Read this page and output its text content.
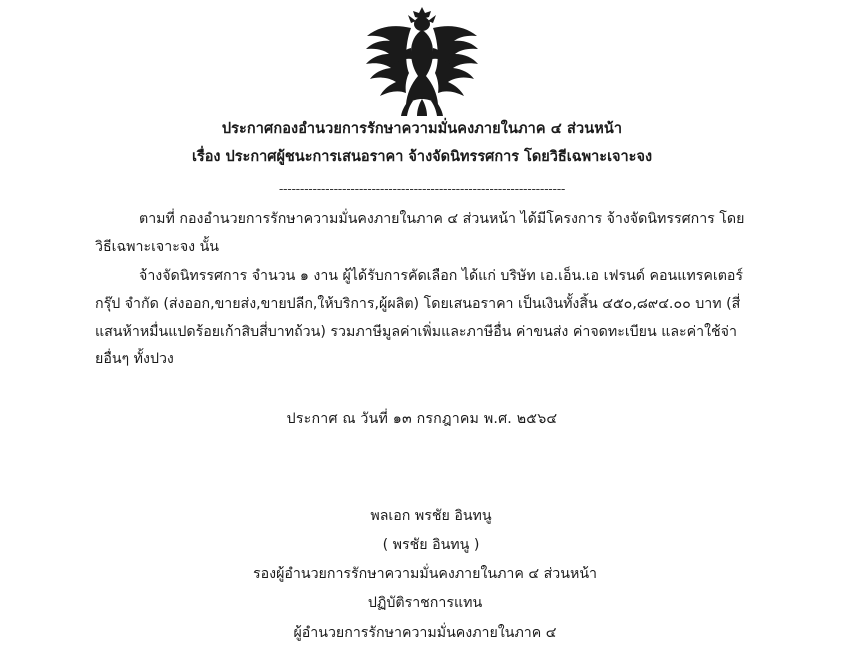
ประกาศกองอำนวยการรักษาความมั่นคงภายในภาค ๔ ส่วนหน้า
เรื่อง ประกาศผู้ชนะการเสนอราคา จ้างจัดนิทรรศการ โดยวิธีเฉพาะเจาะจง
--------------------------------------------------------------------

ตามที่ กองอำนวยการรักษาความมั่นคงภายในภาค ๔ ส่วนหน้า ได้มีโครงการ จ้างจัดนิทรรศการ โดยวิธีเฉพาะเจาะจง นั้น

จ้างจัดนิทรรศการ จำนวน ๑ งาน ผู้ได้รับการคัดเลือก ได้แก่ บริษัท เอ.เอ็น.เอ เฟรนด์ คอนแทรคเตอร์ กรุ๊ป จำกัด (ส่งออก,ขายส่ง,ขายปลีก,ให้บริการ,ผู้ผลิต) โดยเสนอราคา เป็นเงินทั้งสิ้น ๔๕๐,๘๙๔.๐๐ บาท (สี่แสนห้าหมื่นแปดร้อยเก้าสิบสี่บาทถ้วน) รวมภาษีมูลค่าเพิ่มและภาษีอื่น ค่าขนส่ง ค่าจดทะเบียน และค่าใช้จ่ายอื่นๆ ทั้งปวง

ประกาศ ณ วันที่ ๑๓ กรกฎาคม พ.ศ. ๒๕๖๔
พลเอก พรชัย อินทนู
( พรชัย อินทนู )
รองผู้อำนวยการรักษาความมั่นคงภายในภาค ๔ ส่วนหน้า
ปฏิบัติราชการแทน
ผู้อำนวยการรักษาความมั่นคงภายในภาค ๔
